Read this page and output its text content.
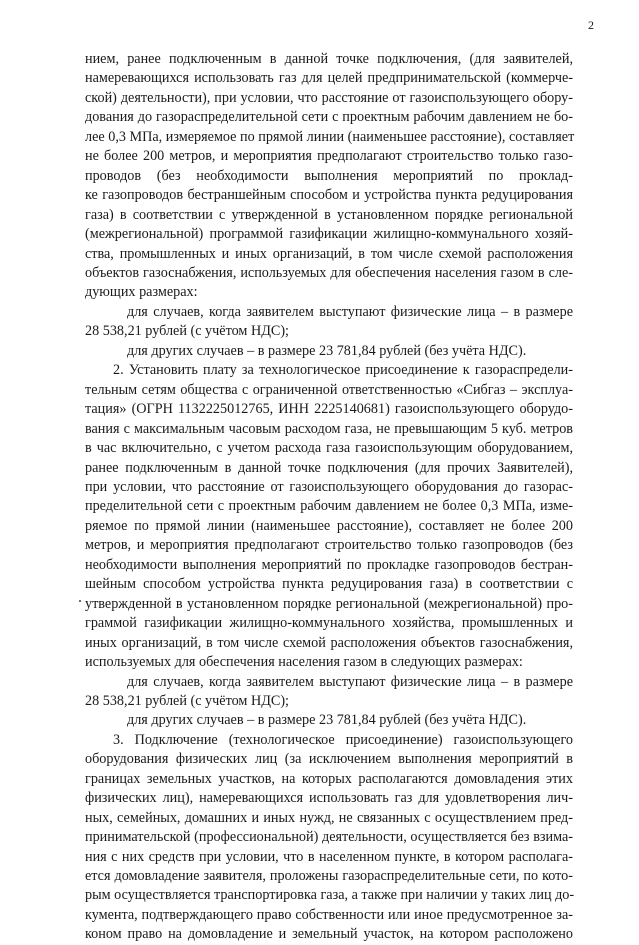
2
нием, ранее подключенным в данной точке подключения, (для заявителей,
намеревающихся использовать газ для целей предпринимательской (коммерче-
ской) деятельности), при условии, что расстояние от газоиспользующего обору-
дования до газораспределительной сети с проектным рабочим давлением не бо-
лее 0,3 МПа, измеряемое по прямой линии (наименьшее расстояние), составляет
не более 200 метров, и мероприятия предполагают строительство только газо-
проводов (без необходимости выполнения мероприятий по проклад-
ке газопроводов бестраншейным способом и устройства пункта редуцирования
газа) в соответствии с утвержденной в установленном порядке региональной
(межрегиональной) программой газификации жилищно-коммунального хозяй-
ства, промышленных и иных организаций, в том числе схемой расположения
объектов газоснабжения, используемых для обеспечения населения газом в сле-
дующих размерах:
для случаев, когда заявителем выступают физические лица – в размере
28 538,21 рублей (с учётом НДС);
для других случаев – в размере 23 781,84 рублей (без учёта НДС).
2. Установить плату за технологическое присоединение к газораспредели-
тельным сетям общества с ограниченной ответственностью «Сибгаз – эксплуа-
тация» (ОГРН 1132225012765, ИНН 2225140681) газоиспользующего оборудо-
вания с максимальным часовым расходом газа, не превышающим 5 куб. метров
в час включительно, с учетом расхода газа газоиспользующим оборудованием,
ранее подключенным в данной точке подключения (для прочих Заявителей),
при условии, что расстояние от газоиспользующего оборудования до газорас-
пределительной сети с проектным рабочим давлением не более 0,3 МПа, изме-
ряемое по прямой линии (наименьшее расстояние), составляет не более 200
метров, и мероприятия предполагают строительство только газопроводов (без
необходимости выполнения мероприятий по прокладке газопроводов бестран-
шейным способом устройства пункта редуцирования газа) в соответствии с
утвержденной в установленном порядке региональной (межрегиональной) про-
граммой газификации жилищно-коммунального хозяйства, промышленных и
иных организаций, в том числе схемой расположения объектов газоснабжения,
используемых для обеспечения населения газом в следующих размерах:
для случаев, когда заявителем выступают физические лица – в размере
28 538,21 рублей (с учётом НДС);
для других случаев – в размере 23 781,84 рублей (без учёта НДС).
3. Подключение (технологическое присоединение) газоиспользующего
оборудования физических лиц (за исключением выполнения мероприятий в
границах земельных участков, на которых располагаются домовладения этих
физических лиц), намеревающихся использовать газ для удовлетворения лич-
ных, семейных, домашних и иных нужд, не связанных с осуществлением пред-
принимательской (профессиональной) деятельности, осуществляется без взима-
ния с них средств при условии, что в населенном пункте, в котором располага-
ется домовладение заявителя, проложены газораспределительные сети, по кото-
рым осуществляется транспортировка газа, а также при наличии у таких лиц до-
кумента, подтверждающего право собственности или иное предусмотренное за-
коном право на домовладение и земельный участок, на котором расположено
